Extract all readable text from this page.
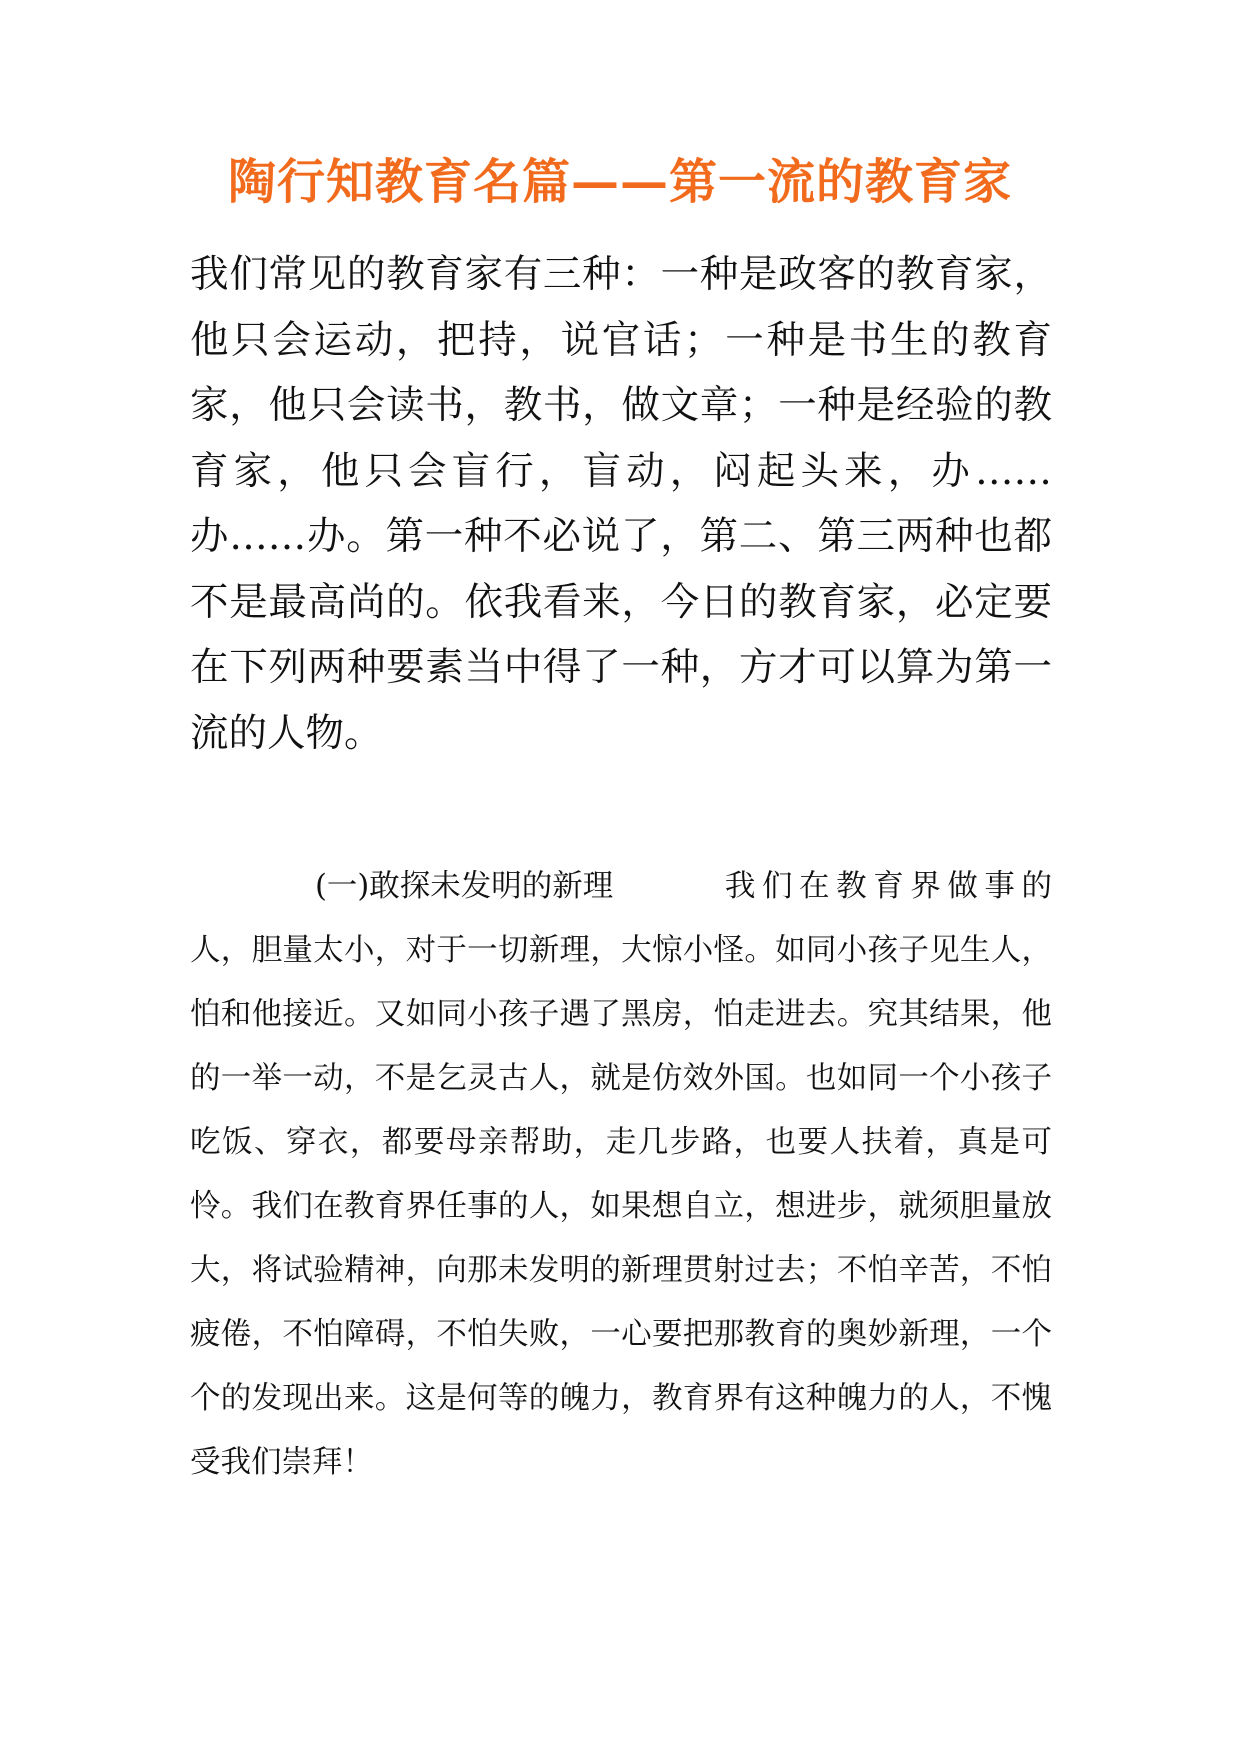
陶行知教育名篇——第一流的教育家
我们常见的教育家有三种：一种是政客的教育家，他只会运动，把持，说官话；一种是书生的教育家，他只会读书，教书，做文章；一种是经验的教育家，他只会盲行，盲动，闷起头来，办……办……办。第一种不必说了，第二、第三两种也都不是最高尚的。依我看来，今日的教育家，必定要在下列两种要素当中得了一种，方才可以算为第一流的人物。
(一)敢探未发明的新理	我们在教育界做事的人，胆量太小，对于一切新理，大惊小怪。如同小孩子见生人，怕和他接近。又如同小孩子遇了黑房，怕走进去。究其结果，他的一举一动，不是乞灵古人，就是仿效外国。也如同一个小孩子吃饭、穿衣，都要母亲帮助，走几步路，也要人扶着，真是可怜。我们在教育界任事的人，如果想自立，想进步，就须胆量放大，将试验精神，向那未发明的新理贯射过去；不怕辛苦，不怕疲倦，不怕障碍，不怕失败，一心要把那教育的奥妙新理，一个个的发现出来。这是何等的魄力，教育界有这种魄力的人，不愧受我们崇拜！
